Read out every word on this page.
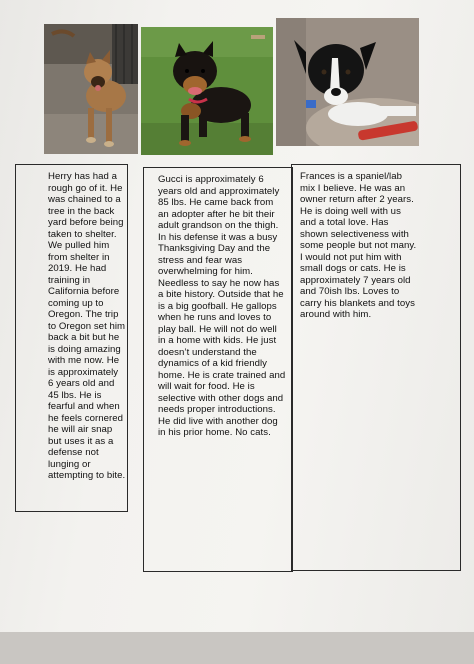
Herry has had a rough go of it. He was chained to a tree in the back yard before being taken to shelter. We pulled him from shelter in 2019. He had training in California before coming up to Oregon. The trip to Oregon set him back a bit but he is doing amazing with me now. He is approximately 6 years old and 45 lbs. He is fearful and when he feels cornered he will air snap but uses it as a defense not lunging or attempting to bite.
Gucci is approximately 6 years old and approximately 85 lbs. He came back from an adopter after he bit their adult grandson on the thigh. In his defense it was a busy Thanksgiving Day and the stress and fear was overwhelming for him. Needless to say he now has a bite history. Outside that he is a big goofball. He gallops when he runs and loves to play ball. He will not do well in a home with kids. He just doesn’t understand the dynamics of a kid friendly home. He is crate trained and will wait for food. He is selective with other dogs and needs proper introductions. He did live with another dog in his prior home. No cats.
Frances is a spaniel/lab mix I believe. He was an owner return after 2 years. He is doing well with us and a total love. Has shown selectiveness with some people but not many. I would not put him with small dogs or cats. He is approximately 7 years old and 70ish lbs. Loves to carry his blankets and toys around with him.
